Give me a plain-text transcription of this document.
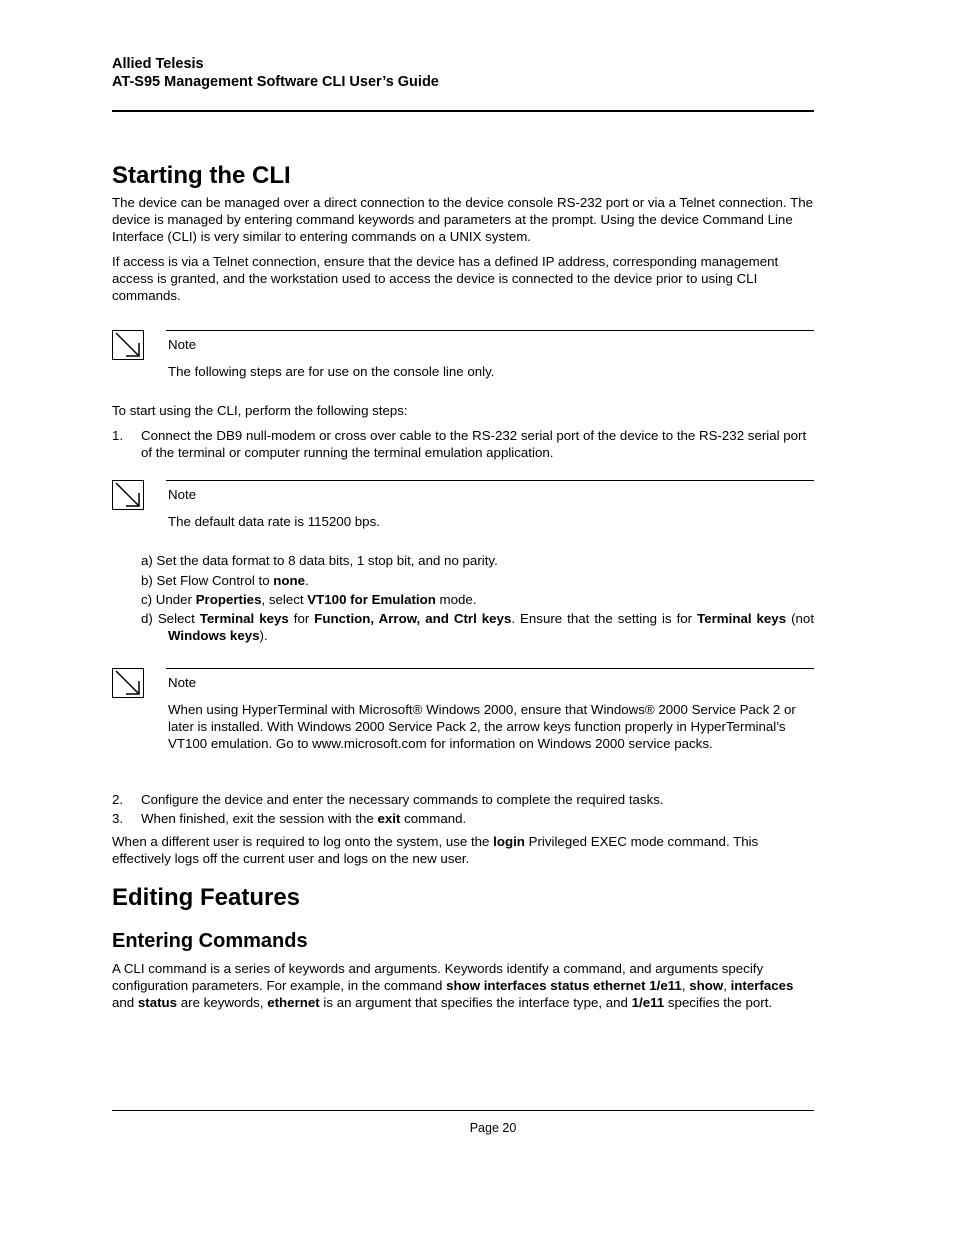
Allied Telesis
AT-S95 Management Software CLI User’s Guide
Starting the CLI
The device can be managed over a direct connection to the device console RS-232 port or via a Telnet connection. The device is managed by entering command keywords and parameters at the prompt. Using the device Command Line Interface (CLI) is very similar to entering commands on a UNIX system.
If access is via a Telnet connection, ensure that the device has a defined IP address, corresponding management access is granted, and the workstation used to access the device is connected to the device prior to using CLI commands.
Note
The following steps are for use on the console line only.
To start using the CLI, perform the following steps:
1. Connect the DB9 null-modem or cross over cable to the RS-232 serial port of the device to the RS-232 serial port of the terminal or computer running the terminal emulation application.
Note
The default data rate is 115200 bps.
a) Set the data format to 8 data bits, 1 stop bit, and no parity.
b) Set Flow Control to none.
c) Under Properties, select VT100 for Emulation mode.
d) Select Terminal keys for Function, Arrow, and Ctrl keys. Ensure that the setting is for Terminal keys (not Windows keys).
Note
When using HyperTerminal with Microsoft® Windows 2000, ensure that Windows® 2000 Service Pack 2 or later is installed. With Windows 2000 Service Pack 2, the arrow keys function properly in HyperTerminal’s VT100 emulation. Go to www.microsoft.com for information on Windows 2000 service packs.
2. Configure the device and enter the necessary commands to complete the required tasks.
3. When finished, exit the session with the exit command.
When a different user is required to log onto the system, use the login Privileged EXEC mode command. This effectively logs off the current user and logs on the new user.
Editing Features
Entering Commands
A CLI command is a series of keywords and arguments. Keywords identify a command, and arguments specify configuration parameters. For example, in the command show interfaces status ethernet 1/e11, show, interfaces and status are keywords, ethernet is an argument that specifies the interface type, and 1/e11 specifies the port.
Page 20
